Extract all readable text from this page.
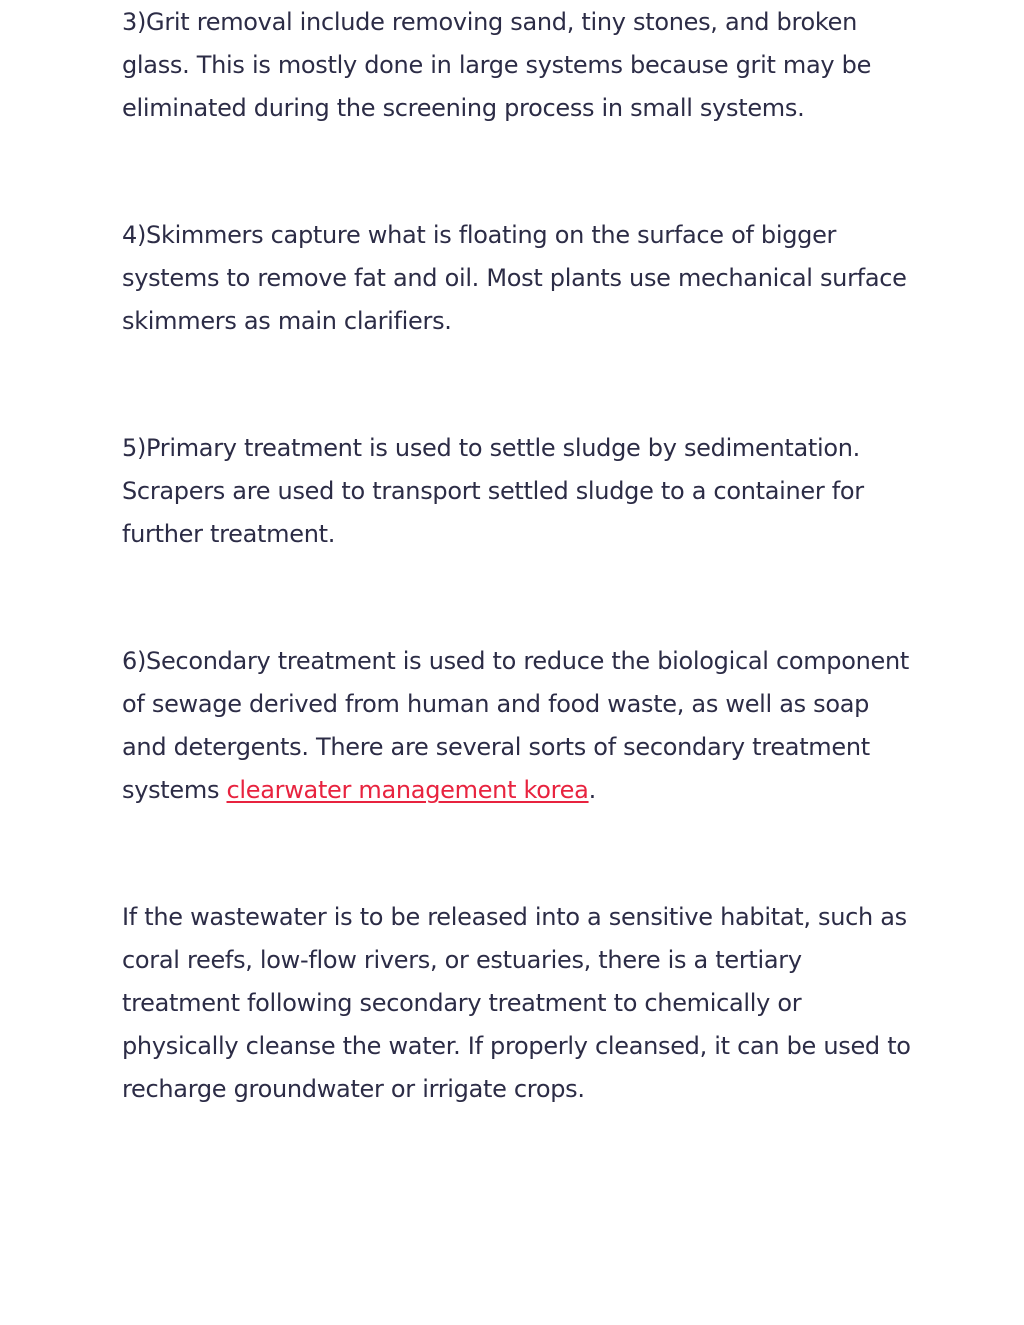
3)Grit removal include removing sand, tiny stones, and broken glass. This is mostly done in large systems because grit may be eliminated during the screening process in small systems.

4)Skimmers capture what is floating on the surface of bigger systems to remove fat and oil. Most plants use mechanical surface skimmers as main clarifiers.

5)Primary treatment is used to settle sludge by sedimentation. Scrapers are used to transport settled sludge to a container for further treatment.

6)Secondary treatment is used to reduce the biological component of sewage derived from human and food waste, as well as soap and detergents. There are several sorts of secondary treatment systems clearwater management korea.

If the wastewater is to be released into a sensitive habitat, such as coral reefs, low-flow rivers, or estuaries, there is a tertiary treatment following secondary treatment to chemically or physically cleanse the water. If properly cleansed, it can be used to recharge groundwater or irrigate crops.
